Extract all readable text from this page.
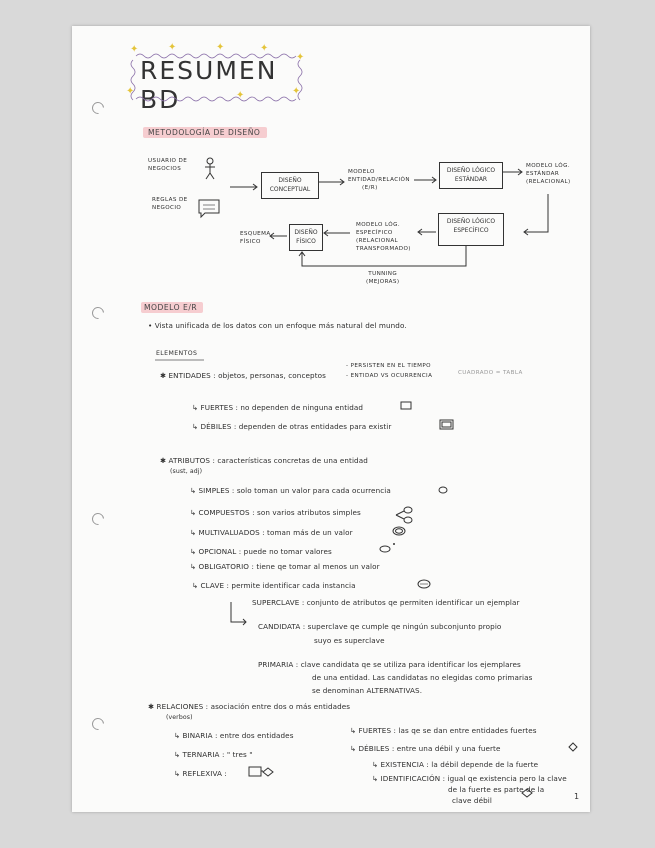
✦	✦	✦	✦
✦
✦	✦	✦
RESUMEN BD
METODOLOGÍA DE DISEÑO
USUARIO DE
NEGOCIOS
REGLAS DE
NEGOCIO
DISEÑO
CONCEPTUAL
MODELO
ENTIDAD/RELACIÓN
(E/R)
DISEÑO LÓGICO
ESTÁNDAR
MODELO LÓG.
ESTÁNDAR
(RELACIONAL)
DISEÑO LÓGICO
ESPECÍFICO
MODELO LÓG.
ESPECÍFICO
(RELACIONAL
TRANSFORMADO)
DISEÑO
FÍSICO
ESQUEMA
FÍSICO
TUNNING
(MEJORAS)
MODELO E/R
• Vista unificada de los datos con un enfoque más natural del mundo.
ELEMENTOS
✱ ENTIDADES : objetos, personas, conceptos
- PERSISTEN EN EL TIEMPO
- ENTIDAD VS OCURRENCIA	CUADRADO = TABLA
↳ FUERTES : no dependen de ninguna entidad
↳ DÉBILES : dependen de otras entidades para existir
✱ ATRIBUTOS : características concretas de una entidad
(sust, adj)
↳ SIMPLES : solo toman un valor para cada ocurrencia
↳ COMPUESTOS : son varios atributos simples
↳ MULTIVALUADOS : toman más de un valor
↳ OPCIONAL : puede no tomar valores
↳ OBLIGATORIO : tiene qe tomar al menos un valor
↳ CLAVE : permite identificar cada instancia
SUPERCLAVE : conjunto de atributos qe permiten identificar un ejemplar
CANDIDATA : superclave qe cumple qe ningún subconjunto propio
suyo es superclave
PRIMARIA : clave candidata qe se utiliza para identificar los ejemplares
de una entidad. Las candidatas no elegidas como primarias
se denominan ALTERNATIVAS.
✱ RELACIONES : asociación entre dos o más entidades
(verbos)
↳ BINARIA : entre dos entidades
↳ TERNARIA : " tres "
↳ REFLEXIVA :
↳ FUERTES : las qe se dan entre entidades fuertes
↳ DÉBILES : entre una débil y una fuerte
↳ EXISTENCIA : la débil depende de la fuerte
↳ IDENTIFICACIÓN : igual qe existencia pero la clave
de la fuerte es parte de la
clave débil	1
